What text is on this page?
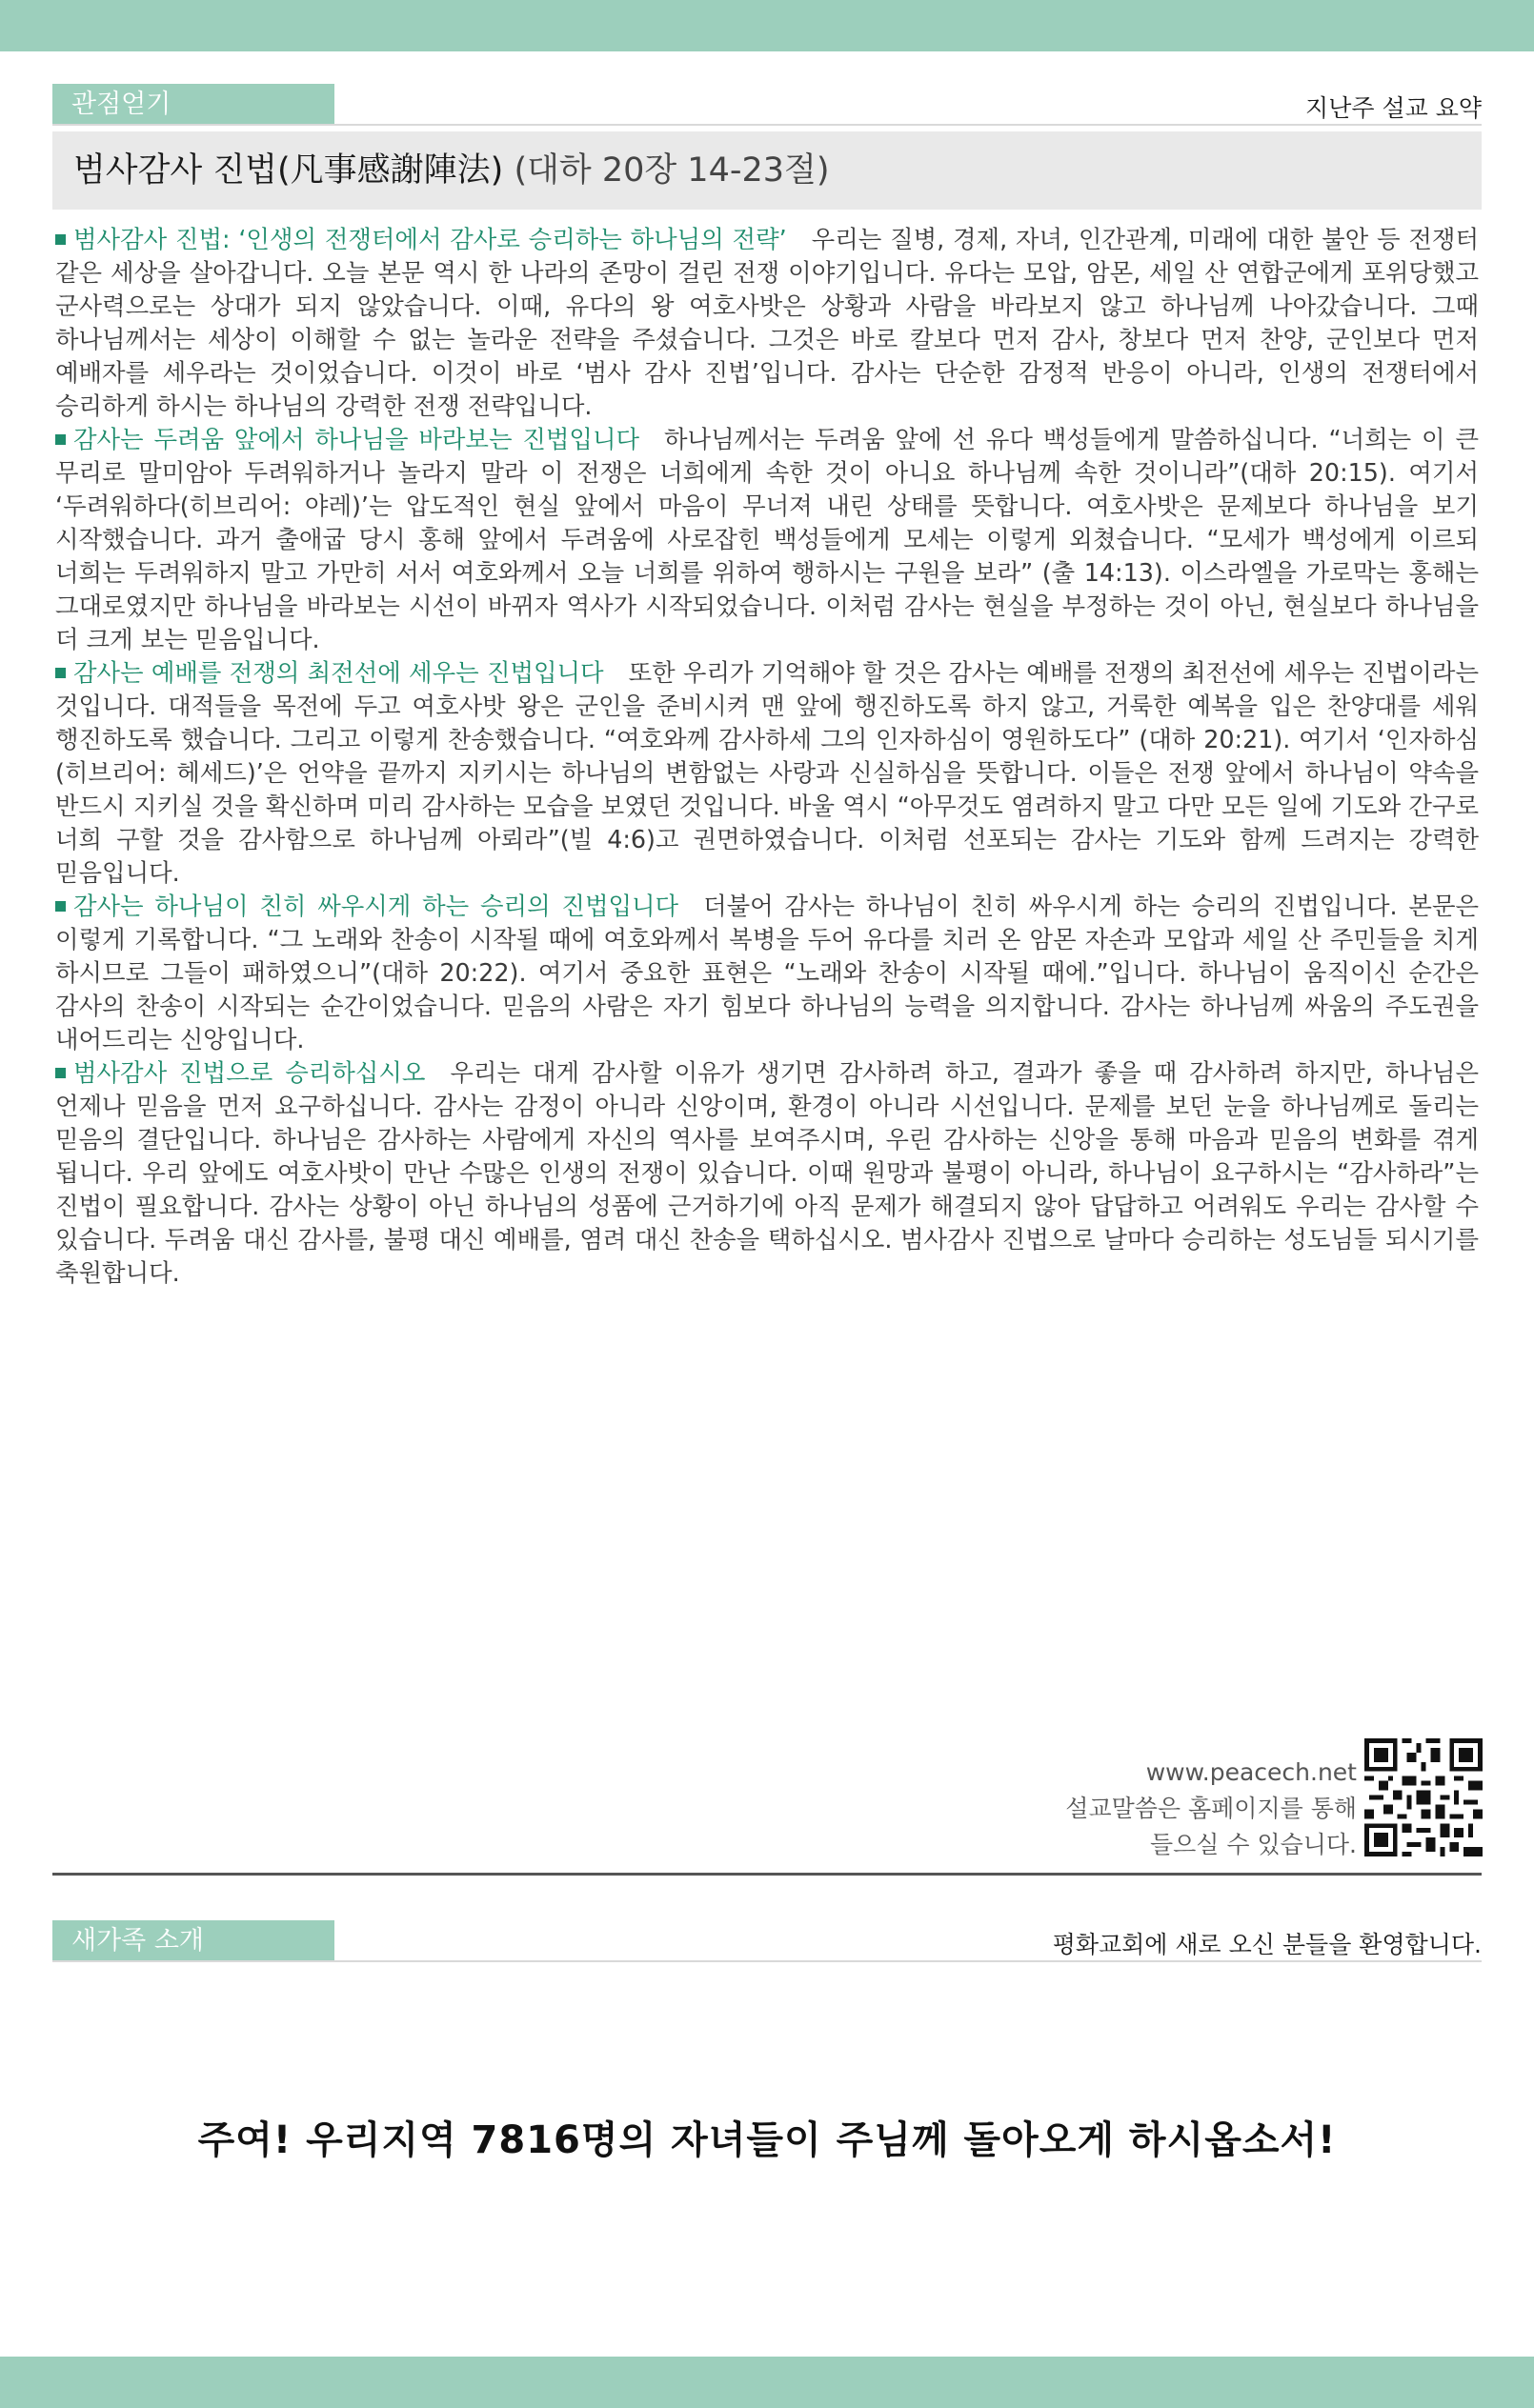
관점얻기	지난주 설교 요약
범사감사 진법(凡事感謝陣法) (대하 20장 14-23절)

범사감사 진법: ‘인생의 전쟁터에서 감사로 승리하는 하나님의 전략’ 우리는 질병, 경제, 자녀, 인간관계, 미래에 대한 불안 등 전쟁터 같은 세상을 살아갑니다. 오늘 본문 역시 한 나라의 존망이 걸린 전쟁 이야기입니다. 유다는 모압, 암몬, 세일 산 연합군에게 포위당했고 군사력으로는 상대가 되지 않았습니다. 이때, 유다의 왕 여호사밧은 상황과 사람을 바라보지 않고 하나님께 나아갔습니다. 그때 하나님께서는 세상이 이해할 수 없는 놀라운 전략을 주셨습니다. 그것은 바로 칼보다 먼저 감사, 창보다 먼저 찬양, 군인보다 먼저 예배자를 세우라는 것이었습니다. 이것이 바로 ‘범사 감사 진법’입니다. 감사는 단순한 감정적 반응이 아니라, 인생의 전쟁터에서 승리하게 하시는 하나님의 강력한 전쟁 전략입니다.

감사는 두려움 앞에서 하나님을 바라보는 진법입니다 하나님께서는 두려움 앞에 선 유다 백성들에게 말씀하십니다. “너희는 이 큰 무리로 말미암아 두려워하거나 놀라지 말라 이 전쟁은 너희에게 속한 것이 아니요 하나님께 속한 것이니라”(대하 20:15). 여기서 ‘두려워하다(히브리어: 야레)’는 압도적인 현실 앞에서 마음이 무너져 내린 상태를 뜻합니다. 여호사밧은 문제보다 하나님을 보기 시작했습니다. 과거 출애굽 당시 홍해 앞에서 두려움에 사로잡힌 백성들에게 모세는 이렇게 외쳤습니다. “모세가 백성에게 이르되 너희는 두려워하지 말고 가만히 서서 여호와께서 오늘 너희를 위하여 행하시는 구원을 보라” (출 14:13). 이스라엘을 가로막는 홍해는 그대로였지만 하나님을 바라보는 시선이 바뀌자 역사가 시작되었습니다. 이처럼 감사는 현실을 부정하는 것이 아닌, 현실보다 하나님을 더 크게 보는 믿음입니다.

감사는 예배를 전쟁의 최전선에 세우는 진법입니다 또한 우리가 기억해야 할 것은 감사는 예배를 전쟁의 최전선에 세우는 진법이라는 것입니다. 대적들을 목전에 두고 여호사밧 왕은 군인을 준비시켜 맨 앞에 행진하도록 하지 않고, 거룩한 예복을 입은 찬양대를 세워 행진하도록 했습니다. 그리고 이렇게 찬송했습니다. “여호와께 감사하세 그의 인자하심이 영원하도다” (대하 20:21). 여기서 ‘인자하심(히브리어: 헤세드)’은 언약을 끝까지 지키시는 하나님의 변함없는 사랑과 신실하심을 뜻합니다. 이들은 전쟁 앞에서 하나님이 약속을 반드시 지키실 것을 확신하며 미리 감사하는 모습을 보였던 것입니다. 바울 역시 “아무것도 염려하지 말고 다만 모든 일에 기도와 간구로 너희 구할 것을 감사함으로 하나님께 아뢰라”(빌 4:6)고 권면하였습니다. 이처럼 선포되는 감사는 기도와 함께 드려지는 강력한 믿음입니다.

감사는 하나님이 친히 싸우시게 하는 승리의 진법입니다 더불어 감사는 하나님이 친히 싸우시게 하는 승리의 진법입니다. 본문은 이렇게 기록합니다. “그 노래와 찬송이 시작될 때에 여호와께서 복병을 두어 유다를 치러 온 암몬 자손과 모압과 세일 산 주민들을 치게 하시므로 그들이 패하였으니”(대하 20:22). 여기서 중요한 표현은 “노래와 찬송이 시작될 때에.”입니다. 하나님이 움직이신 순간은 감사의 찬송이 시작되는 순간이었습니다. 믿음의 사람은 자기 힘보다 하나님의 능력을 의지합니다. 감사는 하나님께 싸움의 주도권을 내어드리는 신앙입니다.

범사감사 진법으로 승리하십시오 우리는 대게 감사할 이유가 생기면 감사하려 하고, 결과가 좋을 때 감사하려 하지만, 하나님은 언제나 믿음을 먼저 요구하십니다. 감사는 감정이 아니라 신앙이며, 환경이 아니라 시선입니다. 문제를 보던 눈을 하나님께로 돌리는 믿음의 결단입니다. 하나님은 감사하는 사람에게 자신의 역사를 보여주시며, 우린 감사하는 신앙을 통해 마음과 믿음의 변화를 겪게 됩니다. 우리 앞에도 여호사밧이 만난 수많은 인생의 전쟁이 있습니다. 이때 원망과 불평이 아니라, 하나님이 요구하시는 “감사하라”는 진법이 필요합니다. 감사는 상황이 아닌 하나님의 성품에 근거하기에 아직 문제가 해결되지 않아 답답하고 어려워도 우리는 감사할 수 있습니다. 두려움 대신 감사를, 불평 대신 예배를, 염려 대신 찬송을 택하십시오. 범사감사 진법으로 날마다 승리하는 성도님들 되시기를 축원합니다.

www.peacech.net
설교말씀은 홈페이지를 통해
들으실 수 있습니다.
새가족 소개	평화교회에 새로 오신 분들을 환영합니다.
주여! 우리지역 7816명의 자녀들이 주님께 돌아오게 하시옵소서!
